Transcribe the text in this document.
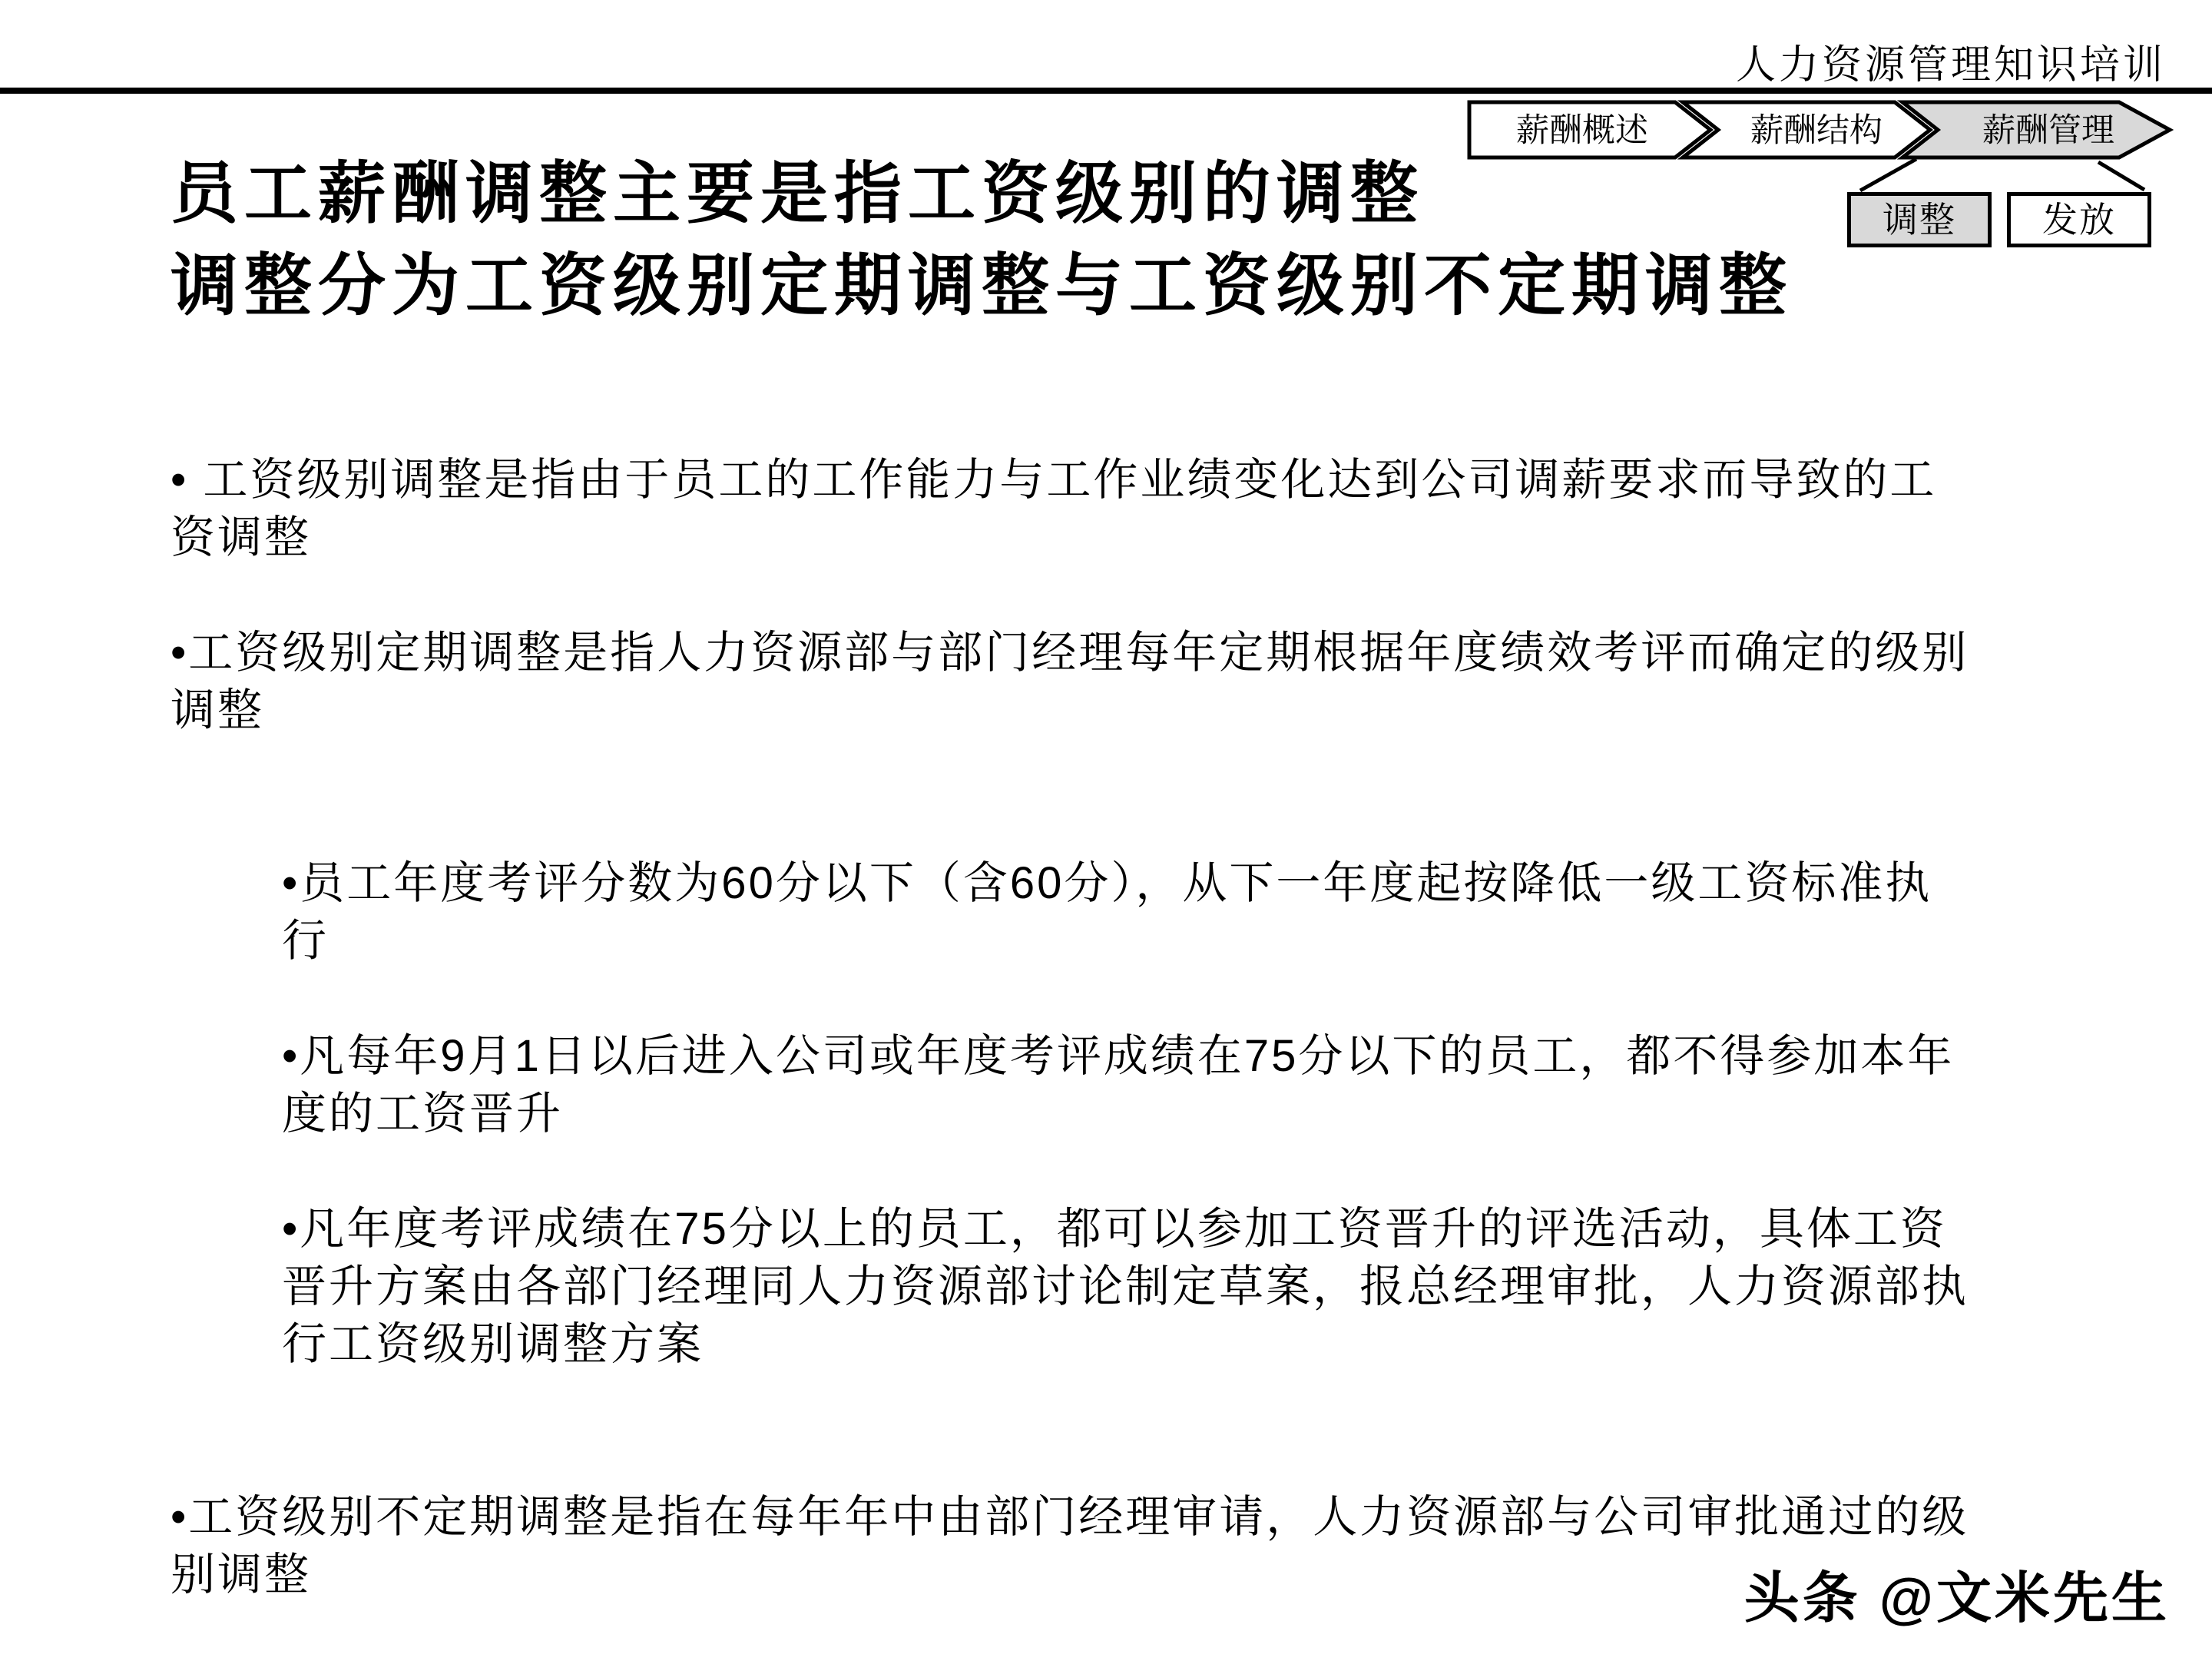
人力资源管理知识培训
薪酬概述	薪酬结构	薪酬管理
调整	发放
员工薪酬调整主要是指工资级别的调整
调整分为工资级别定期调整与工资级别不定期调整

• 工资级别调整是指由于员工的工作能力与工作业绩变化达到公司调薪要求而导致的工
资调整

•工资级别定期调整是指人力资源部与部门经理每年定期根据年度绩效考评而确定的级别
调整

•员工年度考评分数为60分以下（含60分），从下一年度起按降低一级工资标准执
行

•凡每年9月1日以后进入公司或年度考评成绩在75分以下的员工，都不得参加本年
度的工资晋升

•凡年度考评成绩在75分以上的员工，都可以参加工资晋升的评选活动，具体工资
晋升方案由各部门经理同人力资源部讨论制定草案，报总经理审批，人力资源部执
行工资级别调整方案

•工资级别不定期调整是指在每年年中由部门经理审请，人力资源部与公司审批通过的级
别调整	头条 @文米先生
